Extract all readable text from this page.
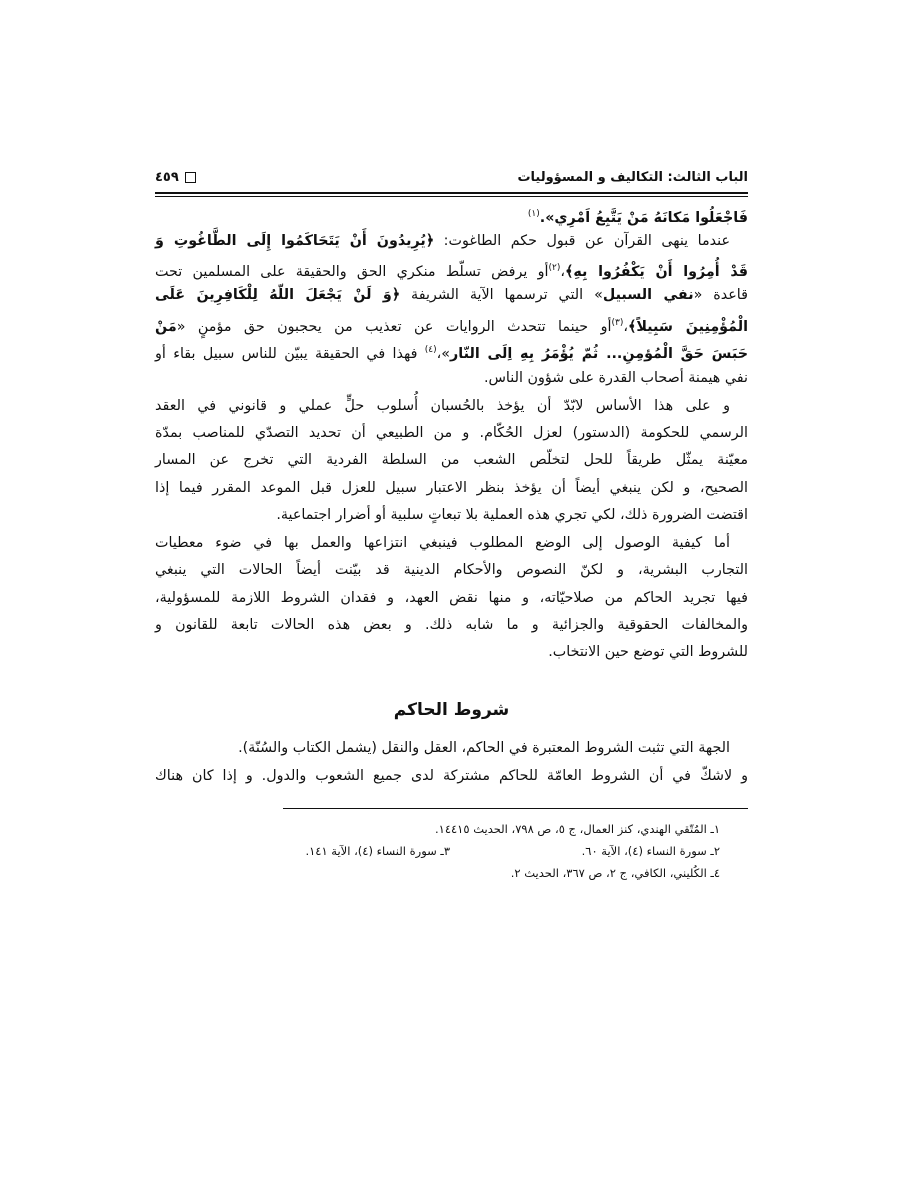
الباب الثالث: التكاليف و المسؤوليات
٤٥٩
فَاجْعَلُوا مَكانَهُ مَنْ يَتَّبِعُ اَمْرِي».$^{(١)}$
عندما ينهى القرآن عن قبول حكم الطاغوت: ﴿يُرِيدُونَ أَنْ يَتَحَاكَمُوا إِلَى الطَّاغُوتِ وَ
قَدْ أُمِرُوا أَنْ يَكْفُرُوا بِهِ﴾،$^{(٢)}$أو يرفض تسلّط منكري الحق والحقيقة على المسلمين تحت
قاعدة «نفي السبيل» التي ترسمها الآية الشريفة ﴿وَ لَنْ يَجْعَلَ اللّهُ لِلْكَافِرِينَ عَلَى
الْمُؤْمِنِينَ سَبِيلاً﴾،$^{(٣)}$أو حينما تتحدث الروايات عن تعذيب من يحجبون حق مؤمنٍ «مَنْ
حَبَسَ حَقَّ الْمُؤمِنِ... ثُمّ يُؤْمَرُ بِهِ اِلَى النّار»،$^{(٤)}$ فهذا في الحقيقة يبيّن للناس سبيل بقاء أو
نفي هيمنة أصحاب القدرة على شؤون الناس.
و على هذا الأساس لابّدّ أن يؤخذ بالحُسبان أُسلوب حلٍّ عملي و قانوني في العقد
الرسمي للحكومة (الدستور) لعزل الحُكّام. و من الطبيعي أن تحديد التصدّي للمناصب بمدّة
معيّنة يمثّل طريقاً للحل لتخلّص الشعب من السلطة الفردية التي تخرج عن المسار
الصحيح، و لكن ينبغي أيضاً أن يؤخذ بنظر الاعتبار سبيل للعزل قبل الموعد المقرر فيما إذا
اقتضت الضرورة ذلك، لكي تجري هذه العملية بلا تبعاتٍ سلبية أو أضرار اجتماعية.
أما كيفية الوصول إلى الوضع المطلوب فينبغي انتزاعها والعمل بها في ضوء معطيات
التجارب البشرية، و لكنّ النصوص والأحكام الدينية قد بيّنت أيضاً الحالات التي ينبغي
فيها تجريد الحاكم من صلاحيّاته، و منها نقض العهد، و فقدان الشروط اللازمة للمسؤولية،
والمخالفات الحقوقية والجزائية و ما شابه ذلك. و بعض هذه الحالات تابعة للقانون و
للشروط التي توضع حين الانتخاب.
الجهة التي تثبت الشروط المعتبرة في الحاكم، العقل والنقل (يشمل الكتاب والسُنّة).
و لاشكّ في أن الشروط العامّة للحاكم مشتركة لدى جميع الشعوب والدول. و إذا كان هناك
شروط الحاكم
١ـ المُتّقي الهندي، كنز العمال، ج ٥، ص ٧٩٨، الحديث ١٤٤١٥.
٢ـ سورة النساء (٤)، الآية ٦٠.
٣ـ سورة النساء (٤)، الآية ١٤١.
٤ـ الكُليني، الكافي، ج ٢، ص ٣٦٧، الحديث ٢.
